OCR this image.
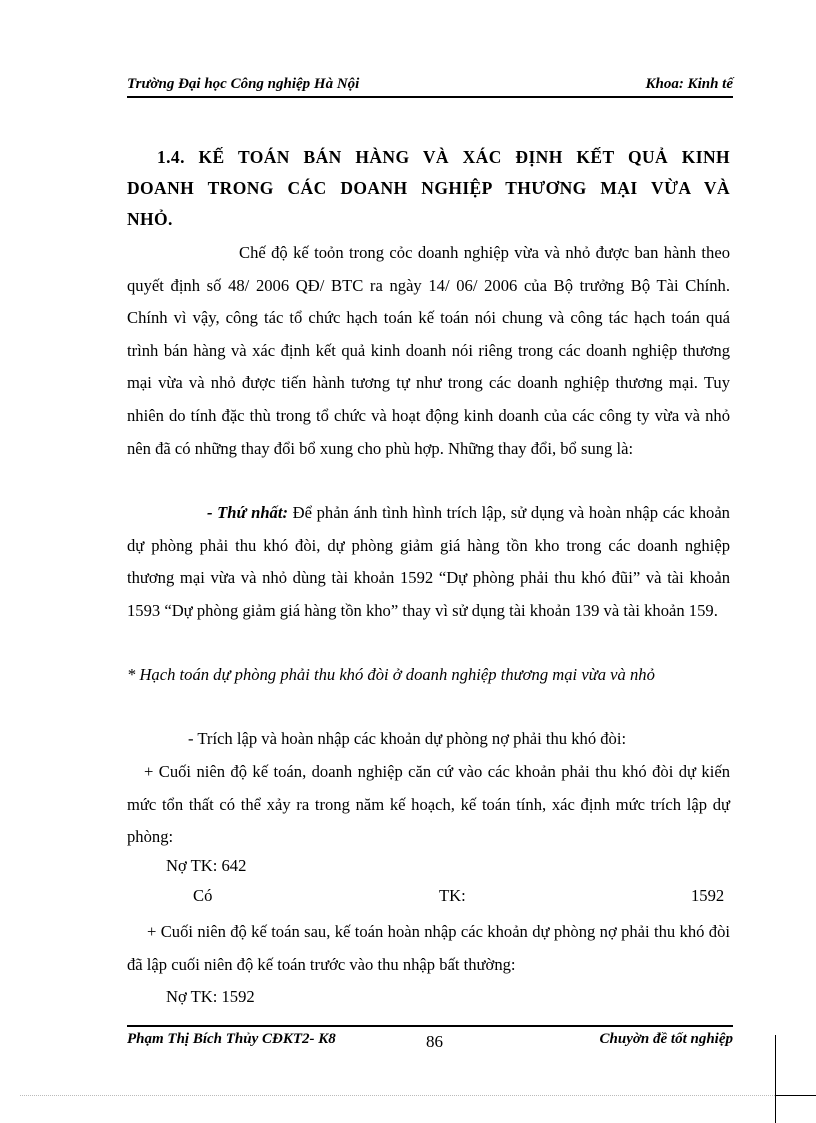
Trường Đại học Công nghiệp Hà Nội	Khoa: Kinh tế
1.4. KẾ TOÁN BÁN HÀNG VÀ XÁC ĐỊNH KẾT QUẢ KINH
DOANH TRONG CÁC DOANH NGHIỆP THƯƠNG MẠI VỪA VÀ
NHỎ.
Chế độ kế toỏn trong cỏc doanh nghiệp vừa và nhỏ được ban hành theo quyết định số 48/ 2006 QĐ/ BTC ra ngày 14/ 06/ 2006 của Bộ trưởng Bộ Tài Chính. Chính vì vậy, công tác tổ chức hạch toán kế toán nói chung và công tác hạch toán quá trình bán hàng và xác định kết quả kinh doanh nói riêng trong các doanh nghiệp thương mại vừa và nhỏ được tiến hành tương tự như trong các doanh nghiệp thương mại. Tuy nhiên do tính đặc thù trong tổ chức và hoạt động kinh doanh của các công ty vừa và nhỏ nên đã có những thay đổi bổ xung cho phù hợp. Những thay đổi, bổ sung là:
- Thứ nhất: Để phản ánh tình hình trích lập, sử dụng và hoàn nhập các khoản dự phòng phải thu khó đòi, dự phòng giảm giá hàng tồn kho trong các doanh nghiệp thương mại vừa và nhỏ dùng tài khoản 1592 “Dự phòng phải thu khó đũi” và tài khoản 1593 “Dự phòng giảm giá hàng tồn kho” thay vì sử dụng tài khoản 139 và tài khoản 159.
* Hạch toán dự phòng phải thu khó đòi ở doanh nghiệp thương mại vừa và nhỏ
- Trích lập và hoàn nhập các khoản dự phòng nợ phải thu khó đòi:
+ Cuối niên độ kế toán, doanh nghiệp căn cứ vào các khoản phải thu khó đòi dự kiến mức tổn thất có thể xảy ra trong năm kế hoạch, kế toán tính, xác định mức trích lập dự phòng:
Nợ TK: 642
Có	TK:	1592
+ Cuối niên độ kế toán sau, kế toán hoàn nhập các khoản dự phòng nợ phải thu khó đòi đã lập cuối niên độ kế toán trước vào thu nhập bất thường:
Nợ TK: 1592
Phạm Thị Bích Thủy CĐKT2- K8	86	Chuyờn đề tốt nghiệp
